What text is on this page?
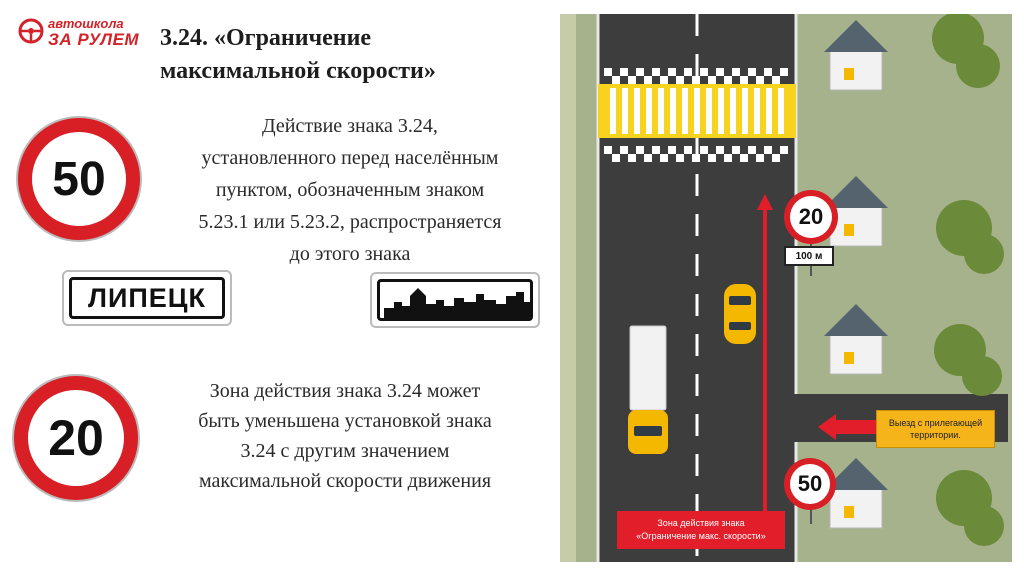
автошкола
ЗА РУЛЕМ 3.24. «Ограничение
максимальной скорости»
Действие знака 3.24,
установленного перед населённым
пунктом, обозначенным знаком
5.23.1 или 5.23.2, распространяется
до этого знака
Зона действия знака 3.24 может
быть уменьшена установкой знака
3.24 с другим значением
максимальной скорости движения
50
20
ЛИПЕЦК
20
100 м
50
Выезд с прилегающей
территории.
Зона действия знака
«Ограничение макс. скорости»
